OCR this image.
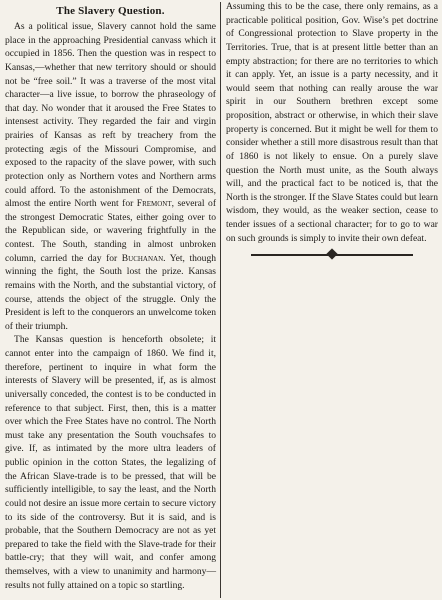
The Slavery Question.

As a political issue, Slavery cannot hold the same place in the approaching Presidential canvass which it occupied in 1856. Then the question was in respect to Kansas,—whether that new territory should or should not be “free soil.” It was a traverse of the most vital character—a live issue, to borrow the phraseology of that day. No wonder that it aroused the Free States to intensest activity. They regarded the fair and virgin prairies of Kansas as reft by treachery from the protecting ægis of the Missouri Compromise, and exposed to the rapacity of the slave power, with such protection only as Northern votes and Northern arms could afford. To the astonishment of the Democrats, almost the entire North went for Fremont, several of the strongest Democratic States, either going over to the Republican side, or wavering frightfully in the contest. The South, standing in almost unbroken column, carried the day for Buchanan. Yet, though winning the fight, the South lost the prize. Kansas remains with the North, and the substantial victory, of course, attends the object of the struggle. Only the President is left to the conquerors an unwelcome token of their triumph.

The Kansas question is henceforth obsolete; it cannot enter into the campaign of 1860. We find it, therefore, pertinent to inquire in what form the interests of Slavery will be presented, if, as is almost universally conceded, the contest is to be conducted in reference to that subject. First, then, this is a matter over which the Free States have no control. The North must take any presentation the South vouchsafes to give. If, as intimated by the more ultra leaders of public opinion in the cotton States, the legalizing of the African Slave-trade is to be pressed, that will be sufficiently intelligible, to say the least, and the North could not desire an issue more certain to secure victory to its side of the controversy. But it is said, and is probable, that the Southern Democracy are not as yet prepared to take the field with the Slave-trade for their battle-cry; that they will wait, and confer among themselves, with a view to unanimity and harmony—results not fully attained on a topic so startling.

Assuming this to be the case, there only remains, as a practicable political position, Gov. Wise’s pet doctrine of Congressional protection to Slave property in the Territories. True, that is at present little better than an empty abstraction; for there are no territories to which it can apply. Yet, an issue is a party necessity, and it would seem that nothing can really arouse the war spirit in our Southern brethren except some proposition, abstract or otherwise, in which their slave property is concerned. But it might be well for them to consider whether a still more disastrous result than that of 1860 is not likely to ensue. On a purely slave question the North must unite, as the South always will, and the practical fact to be noticed is, that the North is the stronger. If the Slave States could but learn wisdom, they would, as the weaker section, cease to tender issues of a sectional character; for to go to war on such grounds is simply to invite their own defeat.
